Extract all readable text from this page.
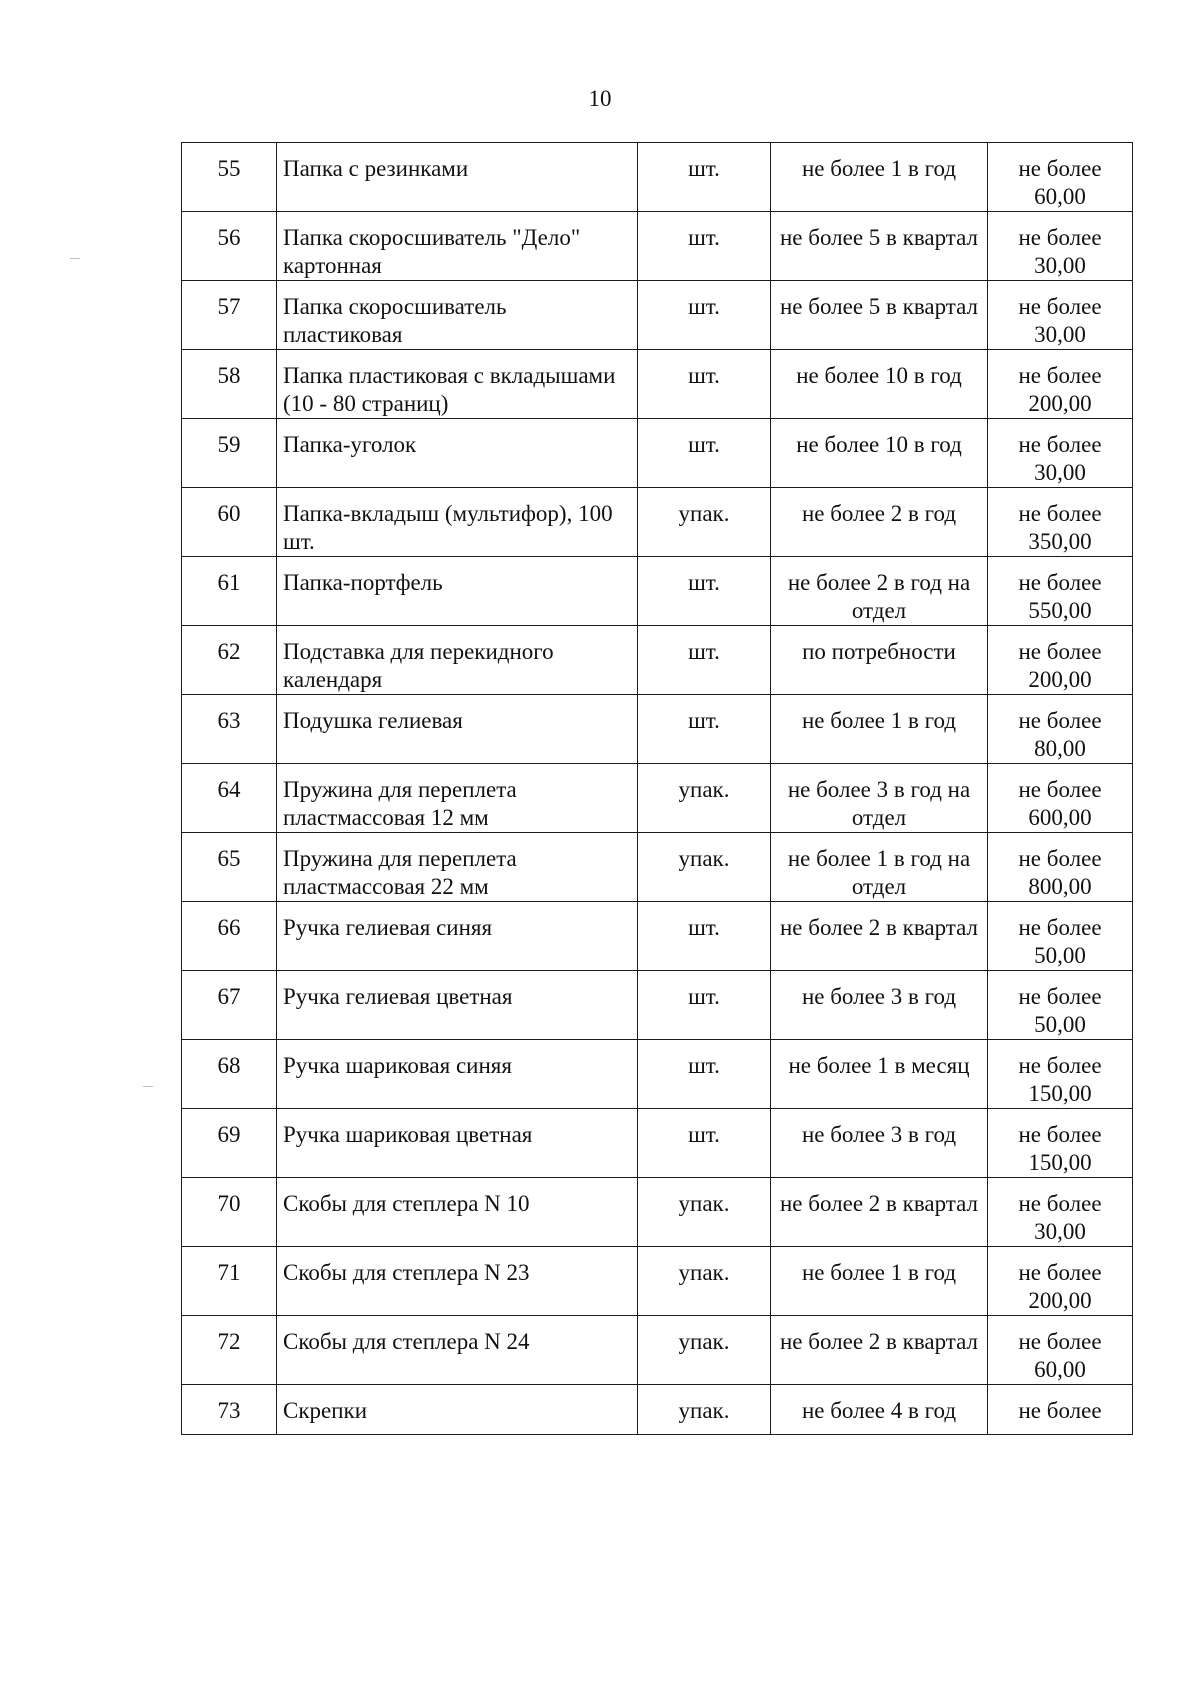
10
55	Папка с резинками	шт.	не более 1 в год	не более 60,00
56	Папка скоросшиватель "Дело" картонная	шт.	не более 5 в квартал	не более 30,00
57	Папка скоросшиватель пластиковая	шт.	не более 5 в квартал	не более 30,00
58	Папка пластиковая с вкладышами (10 - 80 страниц)	шт.	не более 10 в год	не более 200,00
59	Папка-уголок	шт.	не более 10 в год	не более 30,00
60	Папка-вкладыш (мультифор), 100 шт.	упак.	не более 2 в год	не более 350,00
61	Папка-портфель	шт.	не более 2 в год на отдел	не более 550,00
62	Подставка для перекидного календаря	шт.	по потребности	не более 200,00
63	Подушка гелиевая	шт.	не более 1 в год	не более 80,00
64	Пружина для переплета пластмассовая 12 мм	упак.	не более 3 в год на отдел	не более 600,00
65	Пружина для переплета пластмассовая 22 мм	упак.	не более 1 в год на отдел	не более 800,00
66	Ручка гелиевая синяя	шт.	не более 2 в квартал	не более 50,00
67	Ручка гелиевая цветная	шт.	не более 3 в год	не более 50,00
68	Ручка шариковая синяя	шт.	не более 1 в месяц	не более 150,00
69	Ручка шариковая цветная	шт.	не более 3 в год	не более 150,00
70	Скобы для степлера N 10	упак.	не более 2 в квартал	не более 30,00
71	Скобы для степлера N 23	упак.	не более 1 в год	не более 200,00
72	Скобы для степлера N 24	упак.	не более 2 в квартал	не более 60,00
73	Скрепки	упак.	не более 4 в год	не более
